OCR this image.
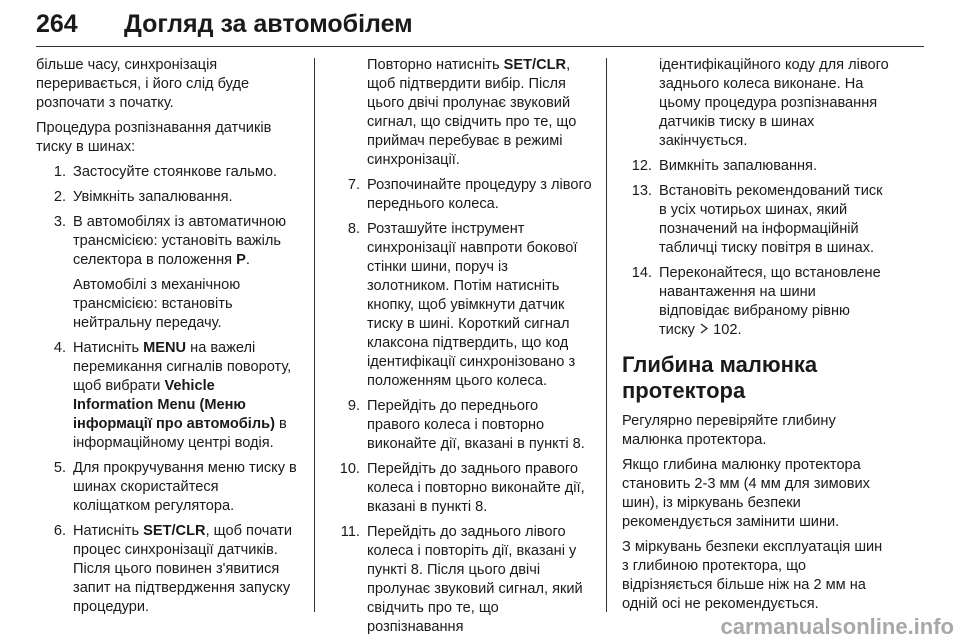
264 Догляд за автомобілем

більше часу, синхронізація переривається, і його слід буде розпочати з початку.

Процедура розпізнавання датчиків тиску в шинах:

1. Застосуйте стоянкове гальмо.
2. Увімкніть запалювання.
3. В автомобілях із автоматичною трансмісією: установіть важіль селектора в положення P.
Автомобілі з механічною трансмісією: встановіть нейтральну передачу.
4. Натисніть MENU на важелі перемикання сигналів повороту, щоб вибрати Vehicle Information Menu (Меню інформації про автомобіль) в інформаційному центрі водія.
5. Для прокручування меню тиску в шинах скористайтеся коліщатком регулятора.
6. Натисніть SET/CLR, щоб почати процес синхронізації датчиків. Після цього повинен з'явитися запит на підтвердження запуску процедури.

Повторно натисніть SET/CLR, щоб підтвердити вибір. Після цього двічі пролунає звуковий сигнал, що свідчить про те, що приймач перебуває в режимі синхронізації.

7. Розпочинайте процедуру з лівого переднього колеса.
8. Розташуйте інструмент синхронізації навпроти бокової стінки шини, поруч із золотником. Потім натисніть кнопку, щоб увімкнути датчик тиску в шині. Короткий сигнал клаксона підтвердить, що код ідентифікації синхронізовано з положенням цього колеса.
9. Перейдіть до переднього правого колеса і повторно виконайте дії, вказані в пункті 8.
10. Перейдіть до заднього правого колеса і повторно виконайте дії, вказані в пункті 8.
11. Перейдіть до заднього лівого колеса і повторіть дії, вказані у пункті 8. Після цього двічі пролунає звуковий сигнал, який свідчить про те, що розпізнавання

ідентифікаційного коду для лівого заднього колеса виконане. На цьому процедура розпізнавання датчиків тиску в шинах закінчується.

12. Вимкніть запалювання.
13. Встановіть рекомендований тиск в усіх чотирьох шинах, який позначений на інформаційній табличці тиску повітря в шинах.
14. Переконайтеся, що встановлене навантаження на шини відповідає вибраному рівню тиску  102.
Глибина малюнка протектора

Регулярно перевіряйте глибину малюнка протектора.

Якщо глибина малюнку протектора становить 2-3 мм (4 мм для зимових шин), із міркувань безпеки рекомендується замінити шини.

З міркувань безпеки експлуатація шин з глибиною протектора, що відрізняється більше ніж на 2 мм на одній осі не рекомендується.

carmanualsonline.info
